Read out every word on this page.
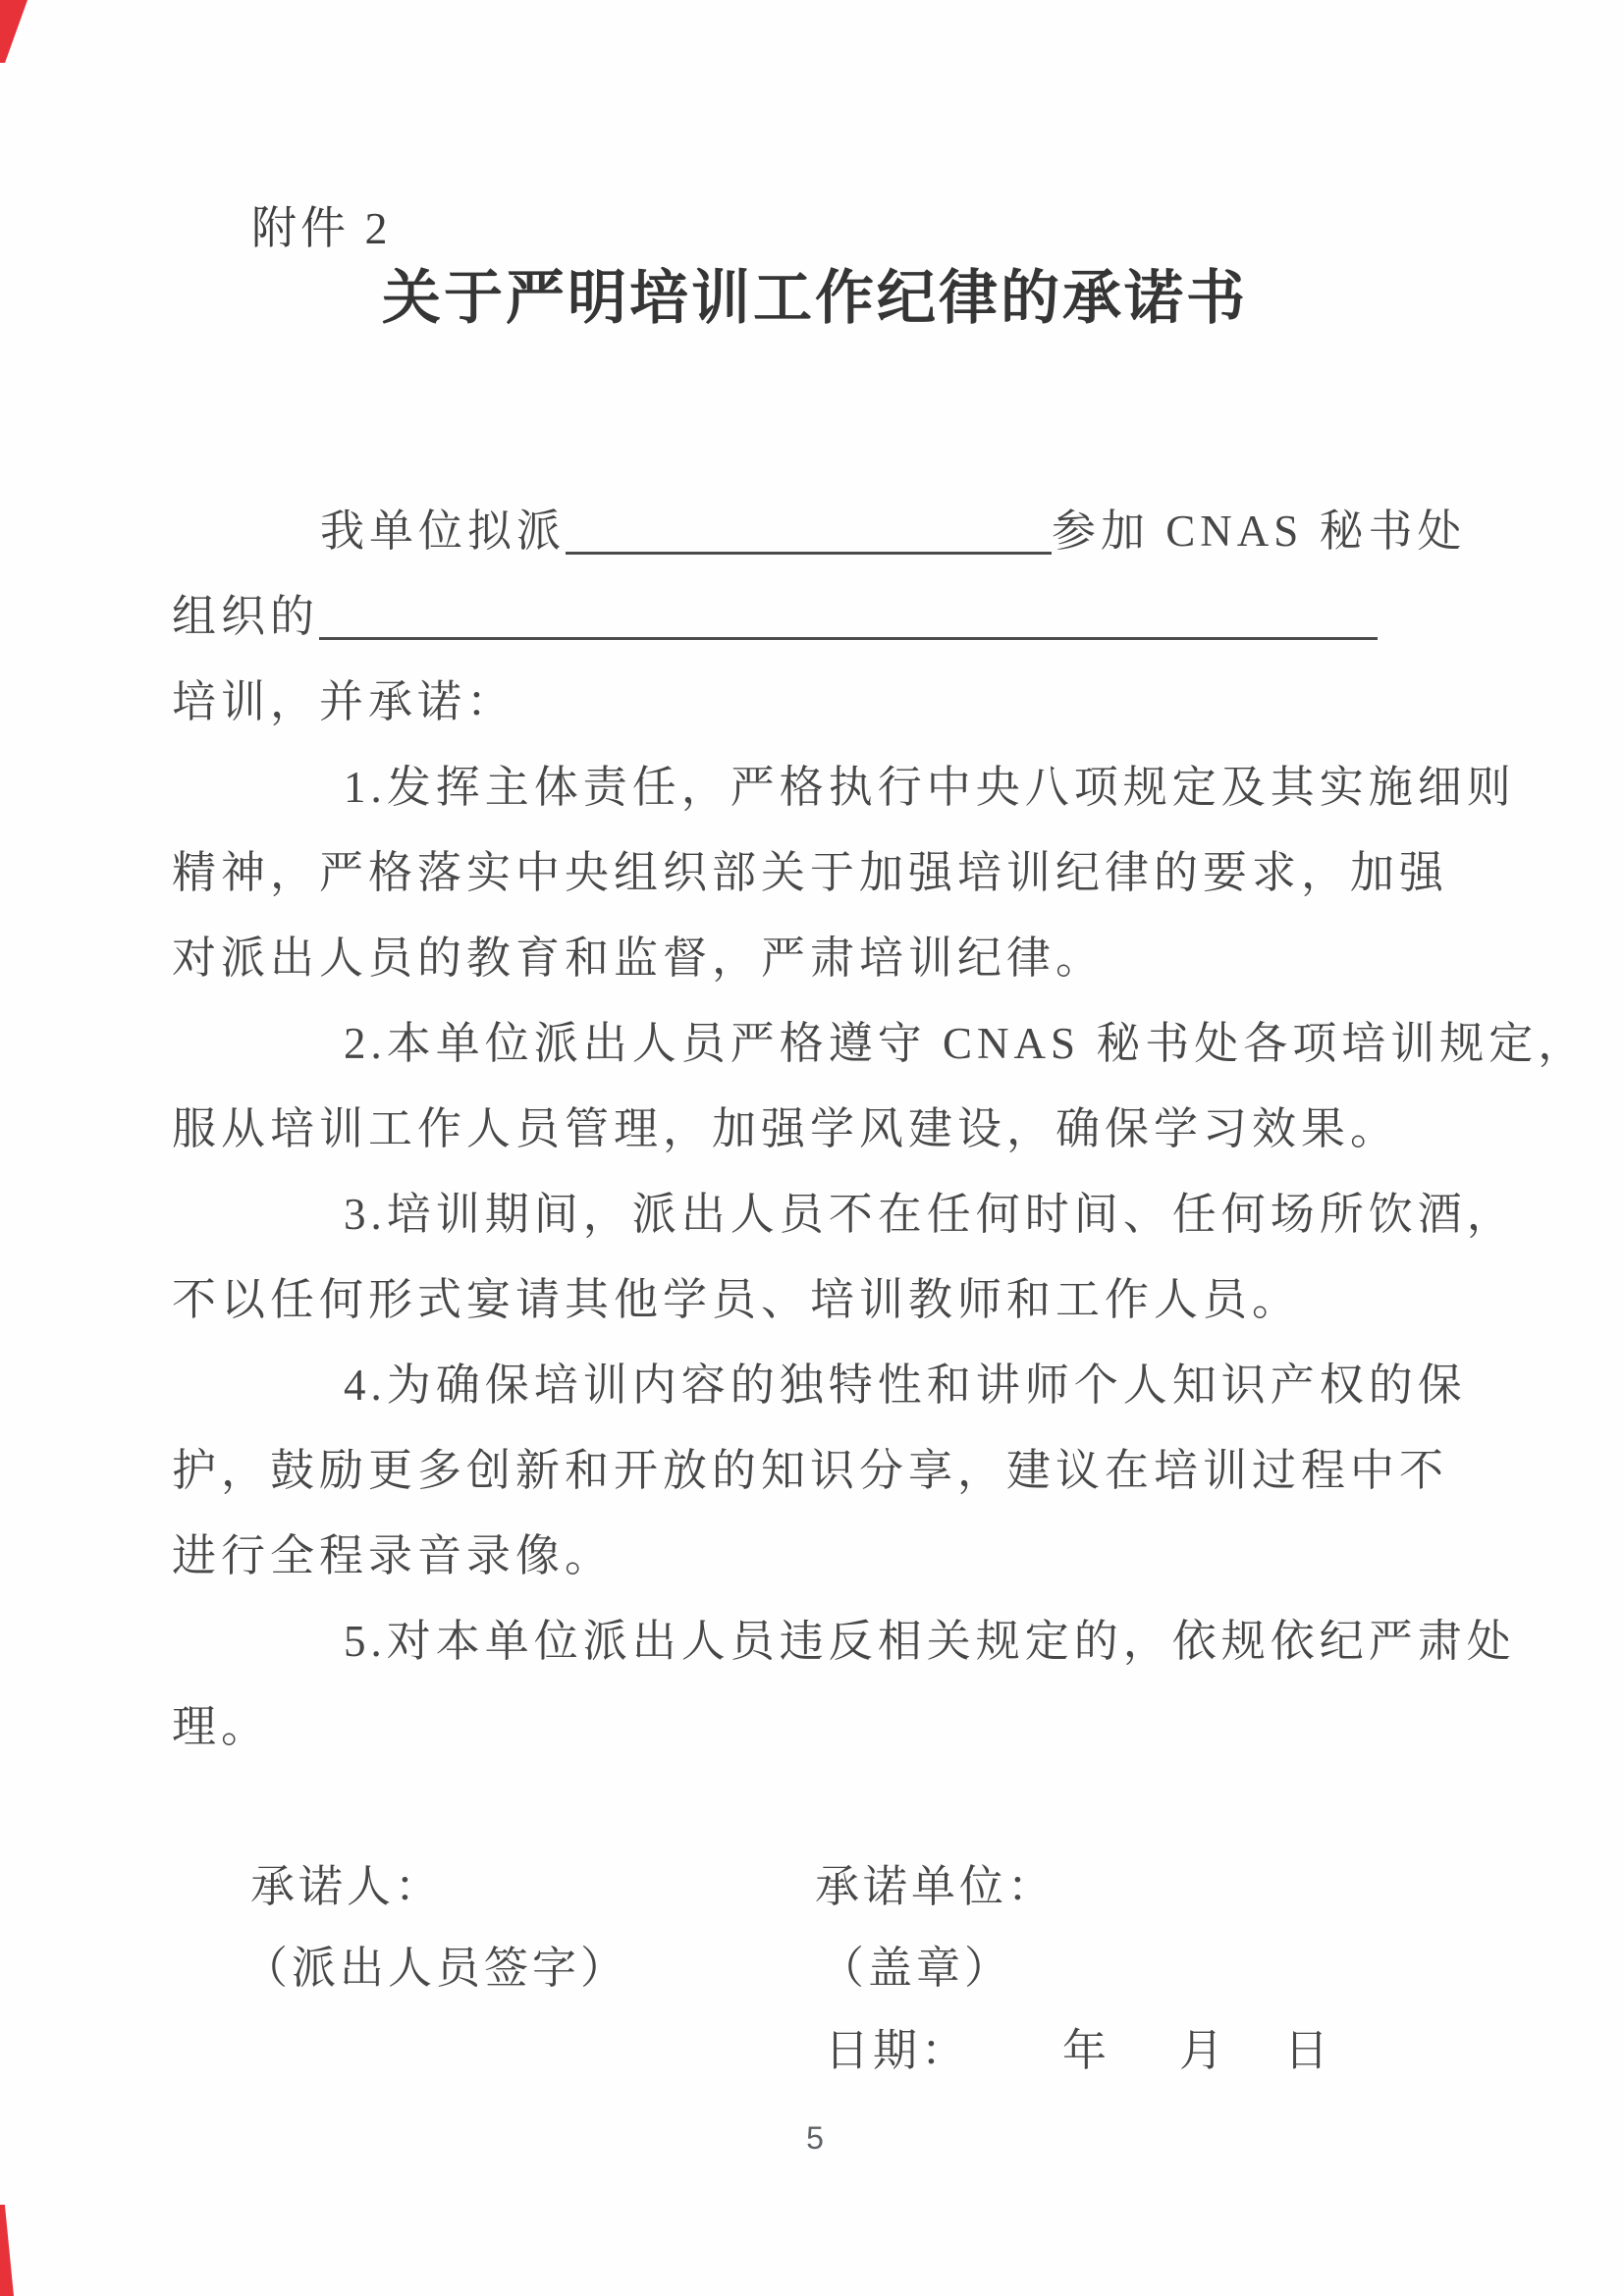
附件 2
关于严明培训工作纪律的承诺书
我单位拟派	参加 CNAS 秘书处
组织的
培训，并承诺：
1.发挥主体责任，严格执行中央八项规定及其实施细则
精神，严格落实中央组织部关于加强培训纪律的要求，加强
对派出人员的教育和监督，严肃培训纪律。
2.本单位派出人员严格遵守 CNAS 秘书处各项培训规定，
服从培训工作人员管理，加强学风建设，确保学习效果。
3.培训期间，派出人员不在任何时间、任何场所饮酒，
不以任何形式宴请其他学员、培训教师和工作人员。
4.为确保培训内容的独特性和讲师个人知识产权的保
护，鼓励更多创新和开放的知识分享，建议在培训过程中不
进行全程录音录像。
5.对本单位派出人员违反相关规定的，依规依纪严肃处
理。
承诺人：
（派出人员签字）
承诺单位：
（盖章）
日期： 年 月 日
5
